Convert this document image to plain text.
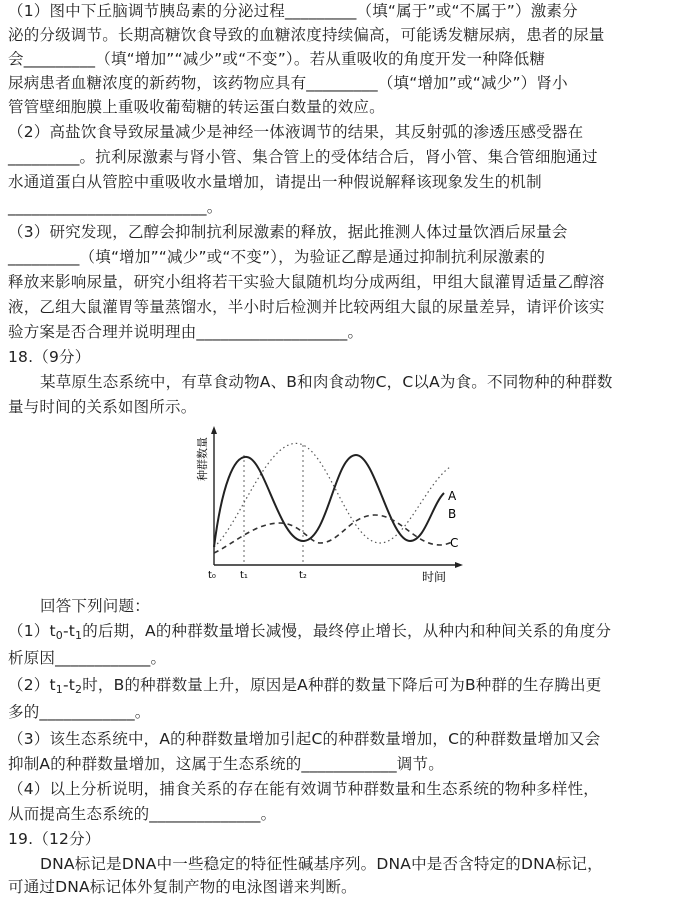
（1）图中下丘脑调节胰岛素的分泌过程_________（填“属于”或“不属于”）激素分
泌的分级调节。长期高糖饮食导致的血糖浓度持续偏高，可能诱发糖尿病，患者的尿量
会_________（填“增加”“减少”或“不变”）。若从重吸收的角度开发一种降低糖
尿病患者血糖浓度的新药物，该药物应具有_________（填“增加”或“减少”）肾小
管管壁细胞膜上重吸收葡萄糖的转运蛋白数量的效应。
（2）高盐饮食导致尿量减少是神经一体液调节的结果，其反射弧的渗透压感受器在
_________。抗利尿激素与肾小管、集合管上的受体结合后，肾小管、集合管细胞通过
水通道蛋白从管腔中重吸收水量增加，请提出一种假说解释该现象发生的机制
_________________________。
（3）研究发现，乙醇会抑制抗利尿激素的释放，据此推测人体过量饮酒后尿量会
_________（填“增加”“减少”或“不变”），为验证乙醇是通过抑制抗利尿激素的
释放来影响尿量，研究小组将若干实验大鼠随机均分成两组，甲组大鼠灌胃适量乙醇溶
液，乙组大鼠灌胃等量蒸馏水，半小时后检测并比较两组大鼠的尿量差异，请评价该实
验方案是否合理并说明理由___________________。
18.（9分）
某草原生态系统中，有草食动物A、B和肉食动物C，C以A为食。不同物种的种群数
量与时间的关系如图所示。
种群数量
A
B
C
t₀ t₁	t₂	时间
回答下列问题：
$(1)t_0-t_1$的后期，A的种群数量增长减慢，最终停止增长，从种内和种间关系的角度分
析原因____________。
$(2)t_1-t_2$时，B的种群数量上升，原因是A种群的数量下降后可为B种群的生存腾出更
多的____________。
（3）该生态系统中，A的种群数量增加引起C的种群数量增加，C的种群数量增加又会
抑制A的种群数量增加，这属于生态系统的____________调节。
（4）以上分析说明，捕食关系的存在能有效调节种群数量和生态系统的物种多样性，
从而提高生态系统的______________。
19.（12分）
DNA标记是DNA中一些稳定的特征性碱基序列。DNA中是否含特定的DNA标记，
可通过DNA标记体外复制产物的电泳图谱来判断。
